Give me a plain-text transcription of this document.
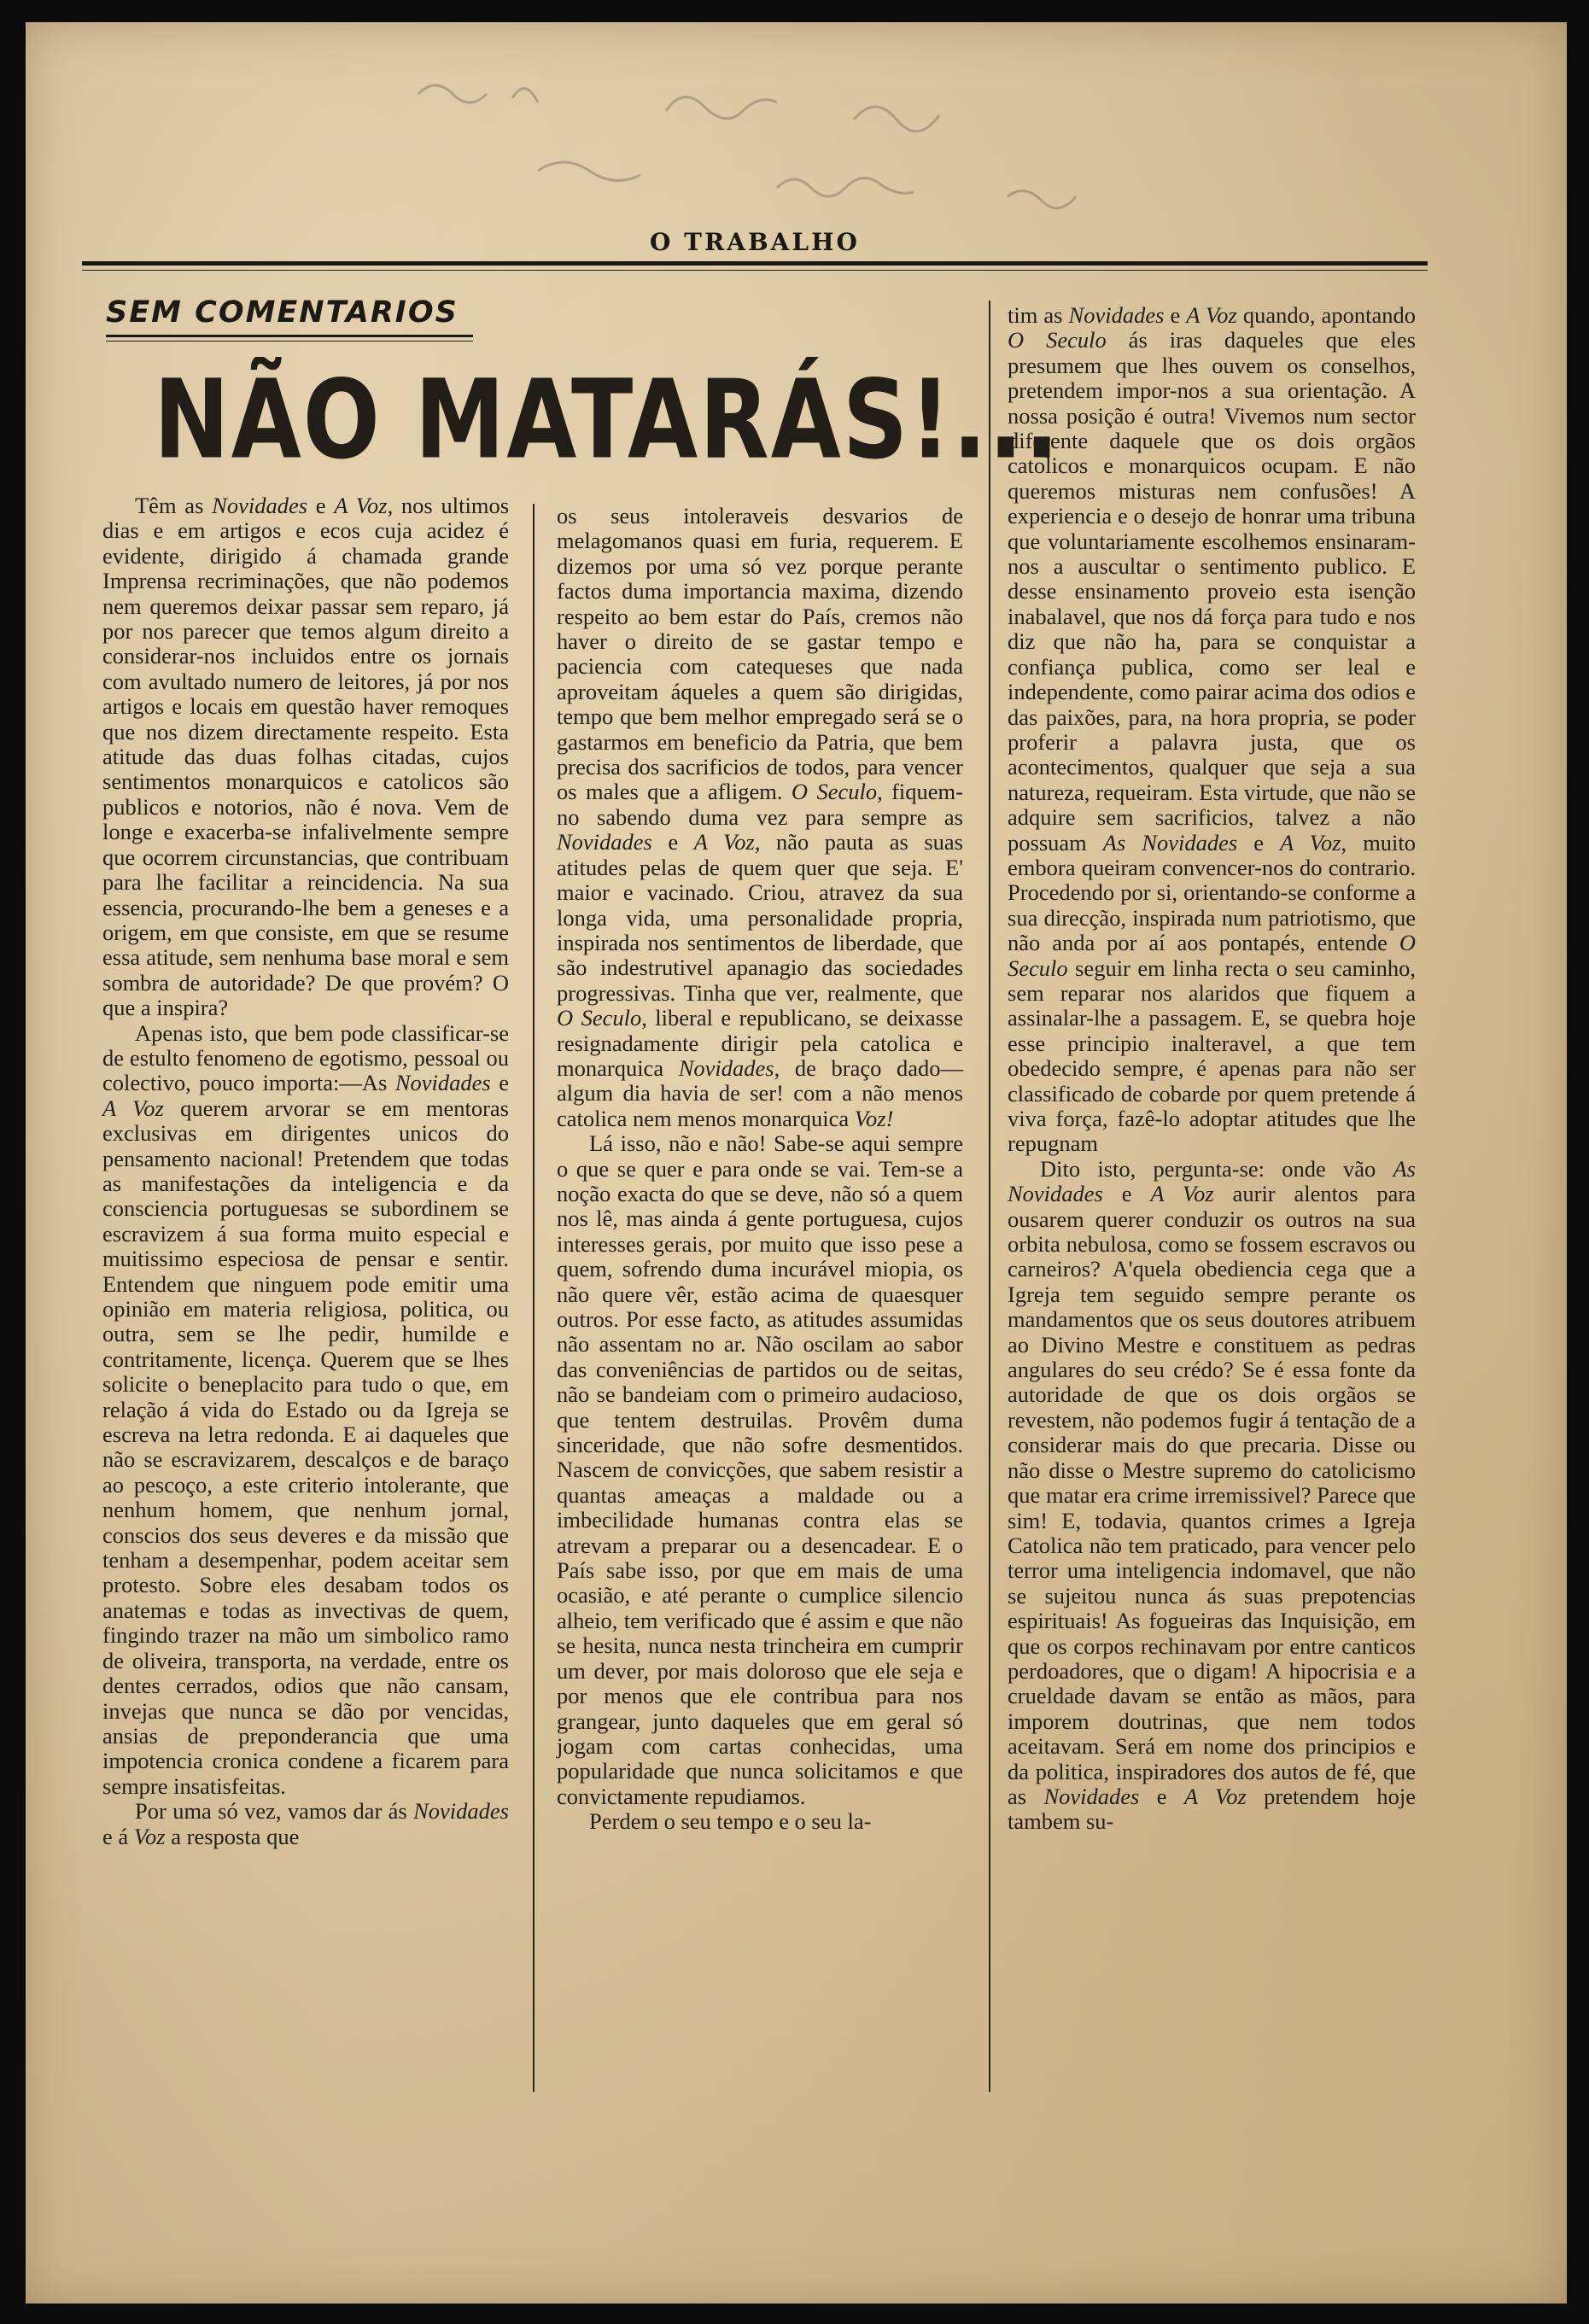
O TRABALHO
SEM COMENTARIOS
NÃO MATARÁS!...

Têm as Novidades e A Voz, nos ultimos dias e em artigos e ecos cuja acidez é evidente, dirigido á chamada grande Imprensa recriminações, que não podemos nem queremos deixar passar sem reparo, já por nos parecer que temos algum direito a considerar-nos incluidos entre os jornais com avultado numero de leitores, já por nos artigos e locais em questão haver remoques que nos dizem directamente respeito. Esta atitude das duas folhas citadas, cujos sentimentos monarquicos e catolicos são publicos e notorios, não é nova. Vem de longe e exacerba-se infalivelmente sempre que ocorrem circunstancias, que contribuam para lhe facilitar a reincidencia. Na sua essencia, procurando-lhe bem a geneses e a origem, em que consiste, em que se resume essa atitude, sem nenhuma base moral e sem sombra de autoridade? De que provém? O que a inspira?

Apenas isto, que bem pode classificar-se de estulto fenomeno de egotismo, pessoal ou colectivo, pouco importa:—As Novidades e A Voz querem arvorar se em mentoras exclusivas em dirigentes unicos do pensamento nacional! Pretendem que todas as manifestações da inteligencia e da consciencia portuguesas se subordinem se escravizem á sua forma muito especial e muitissimo especiosa de pensar e sentir. Entendem que ninguem pode emitir uma opinião em materia religiosa, politica, ou outra, sem se lhe pedir, humilde e contritamente, licença. Querem que se lhes solicite o beneplacito para tudo o que, em relação á vida do Estado ou da Igreja se escreva na letra redonda. E ai daqueles que não se escravizarem, descalços e de baraço ao pescoço, a este criterio intolerante, que nenhum homem, que nenhum jornal, conscios dos seus deveres e da missão que tenham a desempenhar, podem aceitar sem protesto. Sobre eles desabam todos os anatemas e todas as invectivas de quem, fingindo trazer na mão um simbolico ramo de oliveira, transporta, na verdade, entre os dentes cerrados, odios que não cansam, invejas que nunca se dão por vencidas, ansias de preponderancia que uma impotencia cronica condene a ficarem para sempre insatisfeitas.

Por uma só vez, vamos dar ás Novidades e á Voz a resposta que

os seus intoleraveis desvarios de melagomanos quasi em furia, requerem. E dizemos por uma só vez porque perante factos duma importancia maxima, dizendo respeito ao bem estar do País, cremos não haver o direito de se gastar tempo e paciencia com catequeses que nada aproveitam áqueles a quem são dirigidas, tempo que bem melhor empregado será se o gastarmos em beneficio da Patria, que bem precisa dos sacrificios de todos, para vencer os males que a afligem. O Seculo, fiquem-no sabendo duma vez para sempre as Novidades e A Voz, não pauta as suas atitudes pelas de quem quer que seja. E' maior e vacinado. Criou, atravez da sua longa vida, uma personalidade propria, inspirada nos sentimentos de liberdade, que são indestrutivel apanagio das sociedades progressivas. Tinha que ver, realmente, que O Seculo, liberal e republicano, se deixasse resignadamente dirigir pela catolica e monarquica Novidades, de braço dado—algum dia havia de ser! com a não menos catolica nem menos monarquica Voz!

Lá isso, não e não! Sabe-se aqui sempre o que se quer e para onde se vai. Tem-se a noção exacta do que se deve, não só a quem nos lê, mas ainda á gente portuguesa, cujos interesses gerais, por muito que isso pese a quem, sofrendo duma incurável miopia, os não quere vêr, estão acima de quaesquer outros. Por esse facto, as atitudes assumidas não assentam no ar. Não oscilam ao sabor das conveniências de partidos ou de seitas, não se bandeiam com o primeiro audacioso, que tentem destruilas. Provêm duma sinceridade, que não sofre desmentidos. Nascem de convicções, que sabem resistir a quantas ameaças a maldade ou a imbecilidade humanas contra elas se atrevam a preparar ou a desencadear. E o País sabe isso, por que em mais de uma ocasião, e até perante o cumplice silencio alheio, tem verificado que é assim e que não se hesita, nunca nesta trincheira em cumprir um dever, por mais doloroso que ele seja e por menos que ele contribua para nos grangear, junto daqueles que em geral só jogam com cartas conhecidas, uma popularidade que nunca solicitamos e que convictamente repudiamos.

Perdem o seu tempo e o seu la-

tim as Novidades e A Voz quando, apontando O Seculo ás iras daqueles que eles presumem que lhes ouvem os conselhos, pretendem impor-nos a sua orientação. A nossa posição é outra! Vivemos num sector diferente daquele que os dois orgãos catolicos e monarquicos ocupam. E não queremos misturas nem confusões! A experiencia e o desejo de honrar uma tribuna que voluntariamente escolhemos ensinaram-nos a auscultar o sentimento publico. E desse ensinamento proveio esta isenção inabalavel, que nos dá força para tudo e nos diz que não ha, para se conquistar a confiança publica, como ser leal e independente, como pairar acima dos odios e das paixões, para, na hora propria, se poder proferir a palavra justa, que os acontecimentos, qualquer que seja a sua natureza, requeiram. Esta virtude, que não se adquire sem sacrificios, talvez a não possuam As Novidades e A Voz, muito embora queiram convencer-nos do contrario. Procedendo por si, orientando-se conforme a sua direcção, inspirada num patriotismo, que não anda por aí aos pontapés, entende O Seculo seguir em linha recta o seu caminho, sem reparar nos alaridos que fiquem a assinalar-lhe a passagem. E, se quebra hoje esse principio inalteravel, a que tem obedecido sempre, é apenas para não ser classificado de cobarde por quem pretende á viva força, fazê-lo adoptar atitudes que lhe repugnam

Dito isto, pergunta-se: onde vão As Novidades e A Voz aurir alentos para ousarem querer conduzir os outros na sua orbita nebulosa, como se fossem escravos ou carneiros? A'quela obediencia cega que a Igreja tem seguido sempre perante os mandamentos que os seus doutores atribuem ao Divino Mestre e constituem as pedras angulares do seu crédo? Se é essa fonte da autoridade de que os dois orgãos se revestem, não podemos fugir á tentação de a considerar mais do que precaria. Disse ou não disse o Mestre supremo do catolicismo que matar era crime irremissivel? Parece que sim! E, todavia, quantos crimes a Igreja Catolica não tem praticado, para vencer pelo terror uma inteligencia indomavel, que não se sujeitou nunca ás suas prepotencias espirituais! As fogueiras das Inquisição, em que os corpos rechinavam por entre canticos perdoadores, que o digam! A hipocrisia e a crueldade davam se então as mãos, para imporem doutrinas, que nem todos aceitavam. Será em nome dos principios e da politica, inspiradores dos autos de fé, que as Novidades e A Voz pretendem hoje tambem su-
